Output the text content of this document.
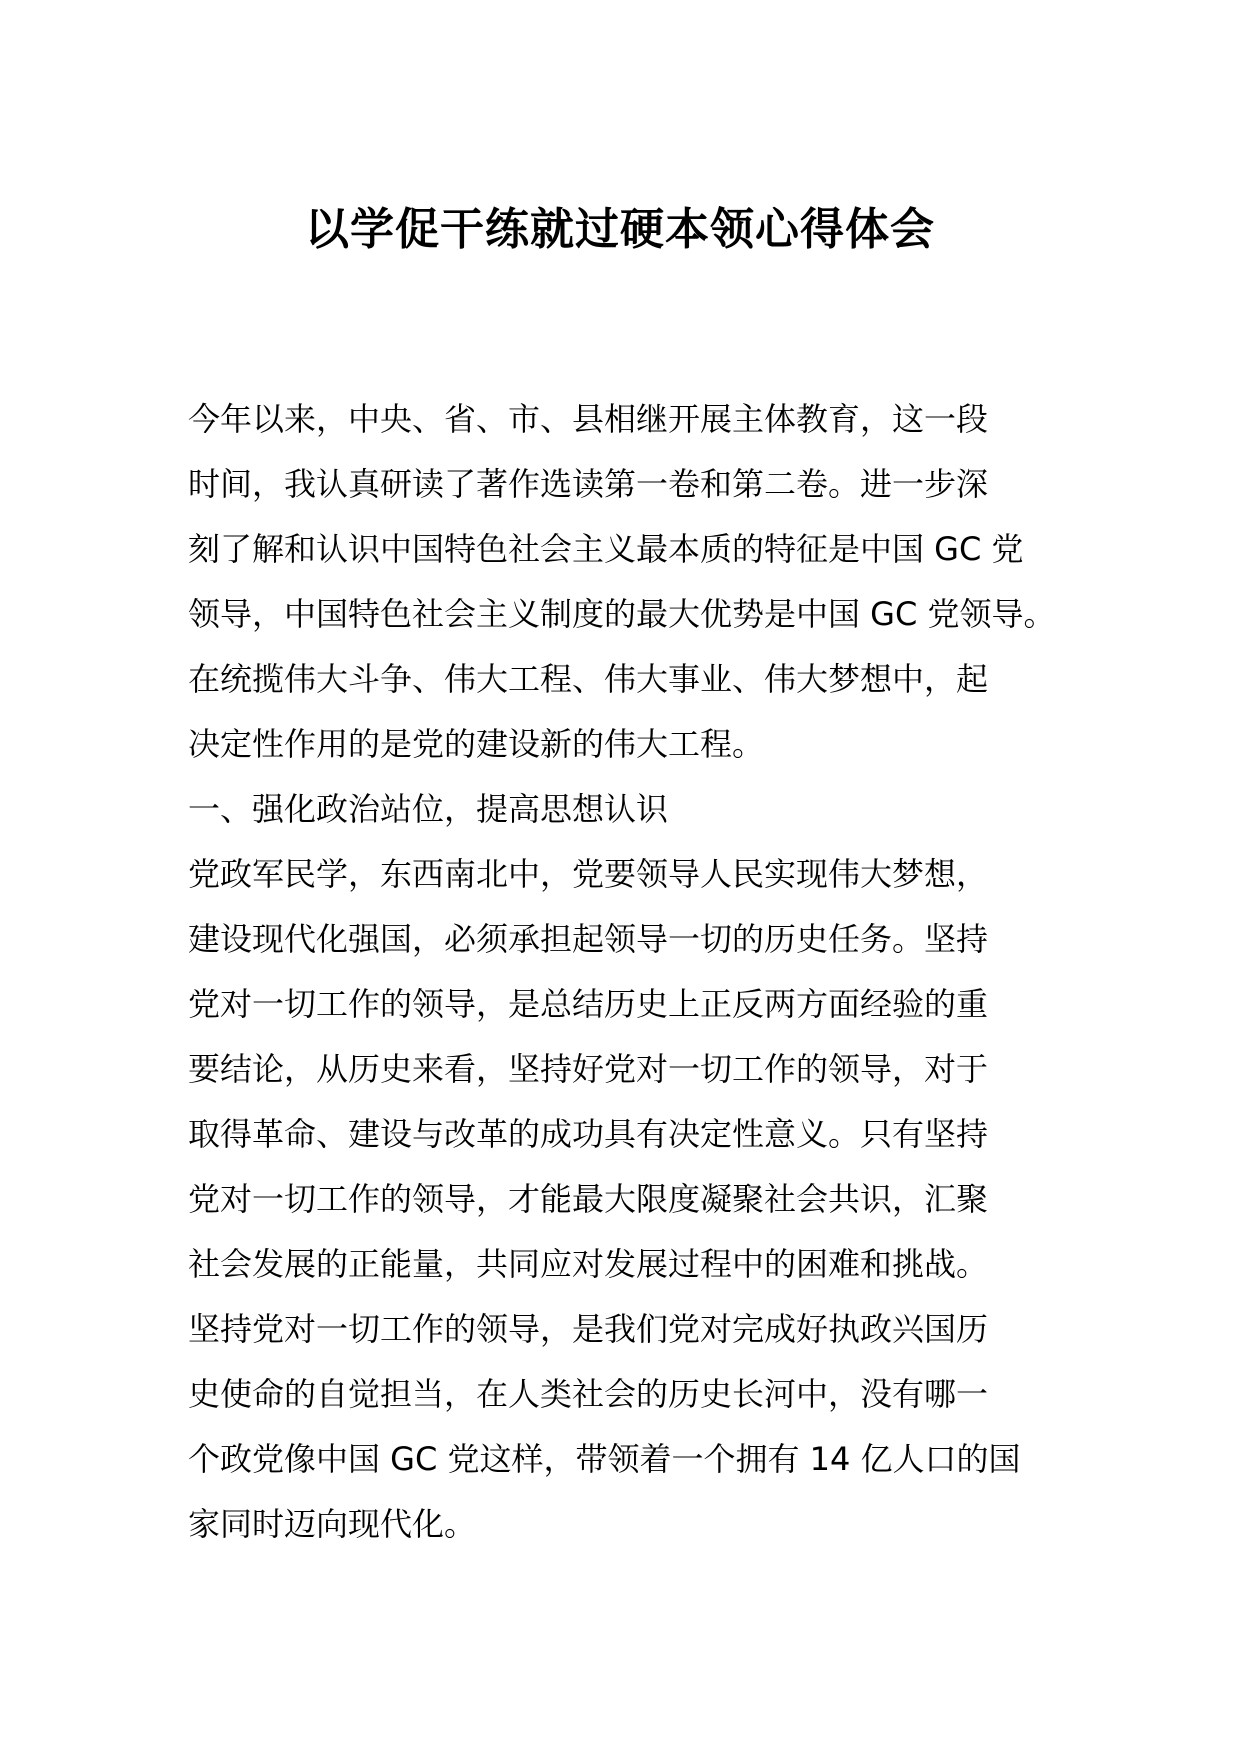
以学促干练就过硬本领心得体会
今年以来，中央、省、市、县相继开展主体教育，这一段
时间，我认真研读了著作选读第一卷和第二卷。进一步深
刻了解和认识中国特色社会主义最本质的特征是中国 GC 党
领导，中国特色社会主义制度的最大优势是中国 GC 党领导。
在统揽伟大斗争、伟大工程、伟大事业、伟大梦想中，起
决定性作用的是党的建设新的伟大工程。
一、强化政治站位，提高思想认识
党政军民学，东西南北中，党要领导人民实现伟大梦想，
建设现代化强国，必须承担起领导一切的历史任务。坚持
党对一切工作的领导，是总结历史上正反两方面经验的重
要结论，从历史来看，坚持好党对一切工作的领导，对于
取得革命、建设与改革的成功具有决定性意义。只有坚持
党对一切工作的领导，才能最大限度凝聚社会共识，汇聚
社会发展的正能量，共同应对发展过程中的困难和挑战。
坚持党对一切工作的领导，是我们党对完成好执政兴国历
史使命的自觉担当，在人类社会的历史长河中，没有哪一
个政党像中国 GC 党这样，带领着一个拥有 14 亿人口的国
家同时迈向现代化。
